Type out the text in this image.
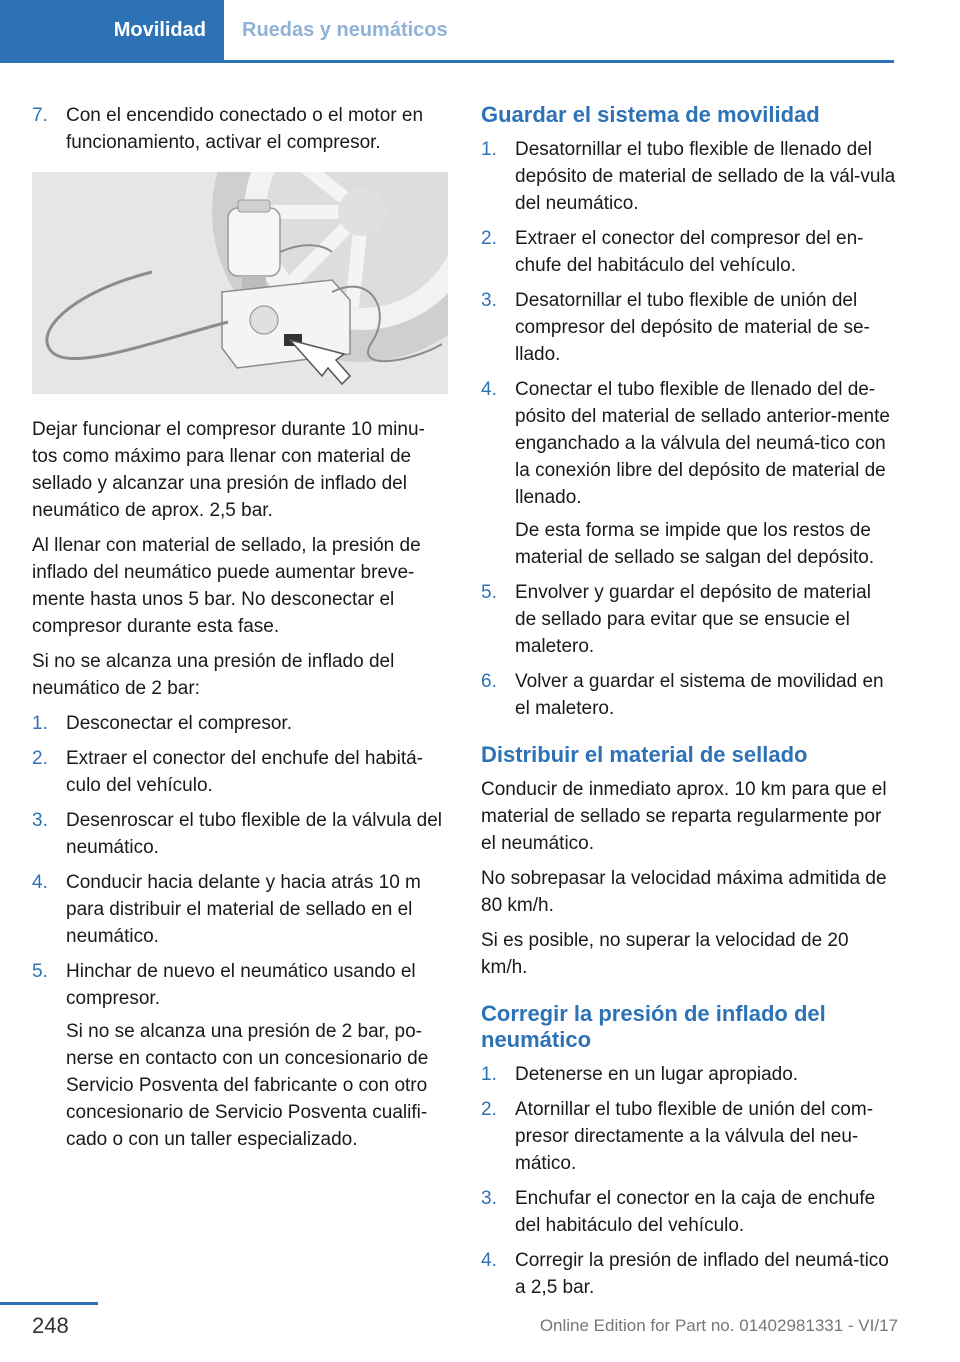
Movilidad	Ruedas y neumáticos
7. Con el encendido conectado o el motor en funcionamiento, activar el compresor.

Dejar funcionar el compresor durante 10 minu‐tos como máximo para llenar con material de sellado y alcanzar una presión de inflado del neumático de aprox. 2,5 bar.

Al llenar con material de sellado, la presión de inflado del neumático puede aumentar breve‐mente hasta unos 5 bar. No desconectar el compresor durante esta fase.

Si no se alcanza una presión de inflado del neumático de 2 bar:

1. Desconectar el compresor.
2. Extraer el conector del enchufe del habitá‐culo del vehículo.
3. Desenroscar el tubo flexible de la válvula del neumático.
4. Conducir hacia delante y hacia atrás 10 m para distribuir el material de sellado en el neumático.
5. Hinchar de nuevo el neumático usando el compresor.
Si no se alcanza una presión de 2 bar, po‐nerse en contacto con un concesionario de Servicio Posventa del fabricante o con otro concesionario de Servicio Posventa cualifi‐cado o con un taller especializado.
Guardar el sistema de movilidad
1. Desatornillar el tubo flexible de llenado del depósito de material de sellado de la vál‐vula del neumático.
2. Extraer el conector del compresor del en‐chufe del habitáculo del vehículo.
3. Desatornillar el tubo flexible de unión del compresor del depósito de material de se‐llado.
4. Conectar el tubo flexible de llenado del de‐pósito del material de sellado anterior‐mente enganchado a la válvula del neumá‐tico con la conexión libre del depósito de material de llenado.
De esta forma se impide que los restos de material de sellado se salgan del depósito.
5. Envolver y guardar el depósito de material de sellado para evitar que se ensucie el maletero.
6. Volver a guardar el sistema de movilidad en el maletero.
Distribuir el material de sellado

Conducir de inmediato aprox. 10 km para que el material de sellado se reparta regularmente por el neumático.

No sobrepasar la velocidad máxima admitida de 80 km/h.

Si es posible, no superar la velocidad de 20 km/h.

Corregir la presión de inflado del neumático
1. Detenerse en un lugar apropiado.
2. Atornillar el tubo flexible de unión del com‐presor directamente a la válvula del neu‐mático.
3. Enchufar el conector en la caja de enchufe del habitáculo del vehículo.
4. Corregir la presión de inflado del neumá‐tico a 2,5 bar.
248	Online Edition for Part no. 01402981331 - VI/17
